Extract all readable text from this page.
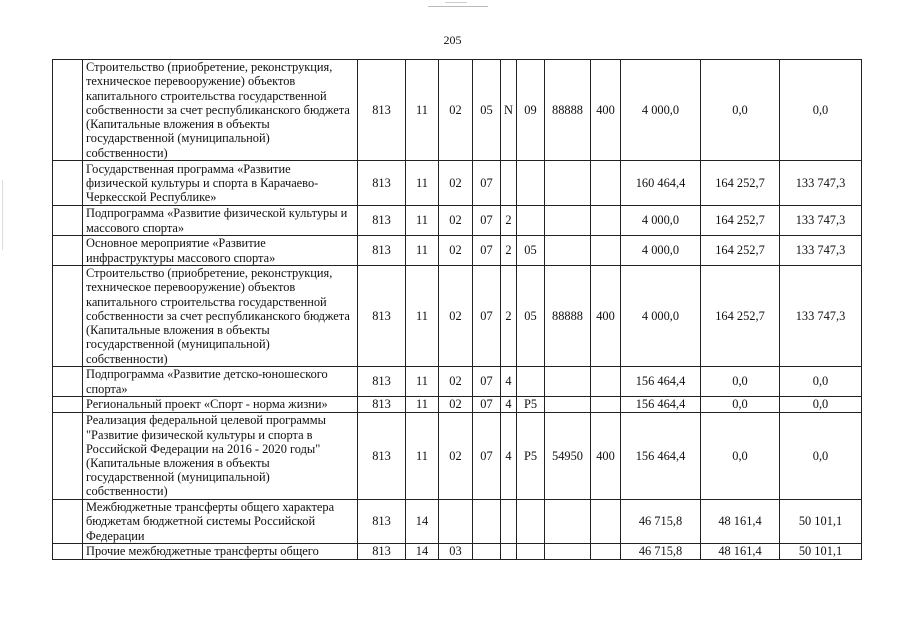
205
	Строительство (приобретение, реконструкция, техническое перевооружение) объектов капитального строительства государственной собственности за счет республиканского бюджета (Капитальные вложения в объекты государственной (муниципальной) собственности)	813	11	02	05	N	09	88888	400	4 000,0	0,0	0,0
	Государственная программа «Развитие физической культуры и спорта в Карачаево-Черкесской Республике»	813	11	02	07					160 464,4	164 252,7	133 747,3
	Подпрограмма «Развитие физической культуры и массового спорта»	813	11	02	07	2				4 000,0	164 252,7	133 747,3
	Основное мероприятие «Развитие инфраструктуры массового спорта»	813	11	02	07	2	05			4 000,0	164 252,7	133 747,3
	Строительство (приобретение, реконструкция, техническое перевооружение) объектов капитального строительства государственной собственности за счет республиканского бюджета (Капитальные вложения в объекты государственной (муниципальной) собственности)	813	11	02	07	2	05	88888	400	4 000,0	164 252,7	133 747,3
	Подпрограмма «Развитие детско-юношеского спорта»	813	11	02	07	4				156 464,4	0,0	0,0
	Региональный проект «Спорт - норма жизни»	813	11	02	07	4	P5			156 464,4	0,0	0,0
	Реализация федеральной целевой программы "Развитие физической культуры и спорта в Российской Федерации на 2016 - 2020 годы" (Капитальные вложения в объекты государственной (муниципальной) собственности)	813	11	02	07	4	P5	54950	400	156 464,4	0,0	0,0
	Межбюджетные трансферты общего характера бюджетам бюджетной системы Российской Федерации	813	14							46 715,8	48 161,4	50 101,1
	Прочие межбюджетные трансферты общего	813	14	03						46 715,8	48 161,4	50 101,1
